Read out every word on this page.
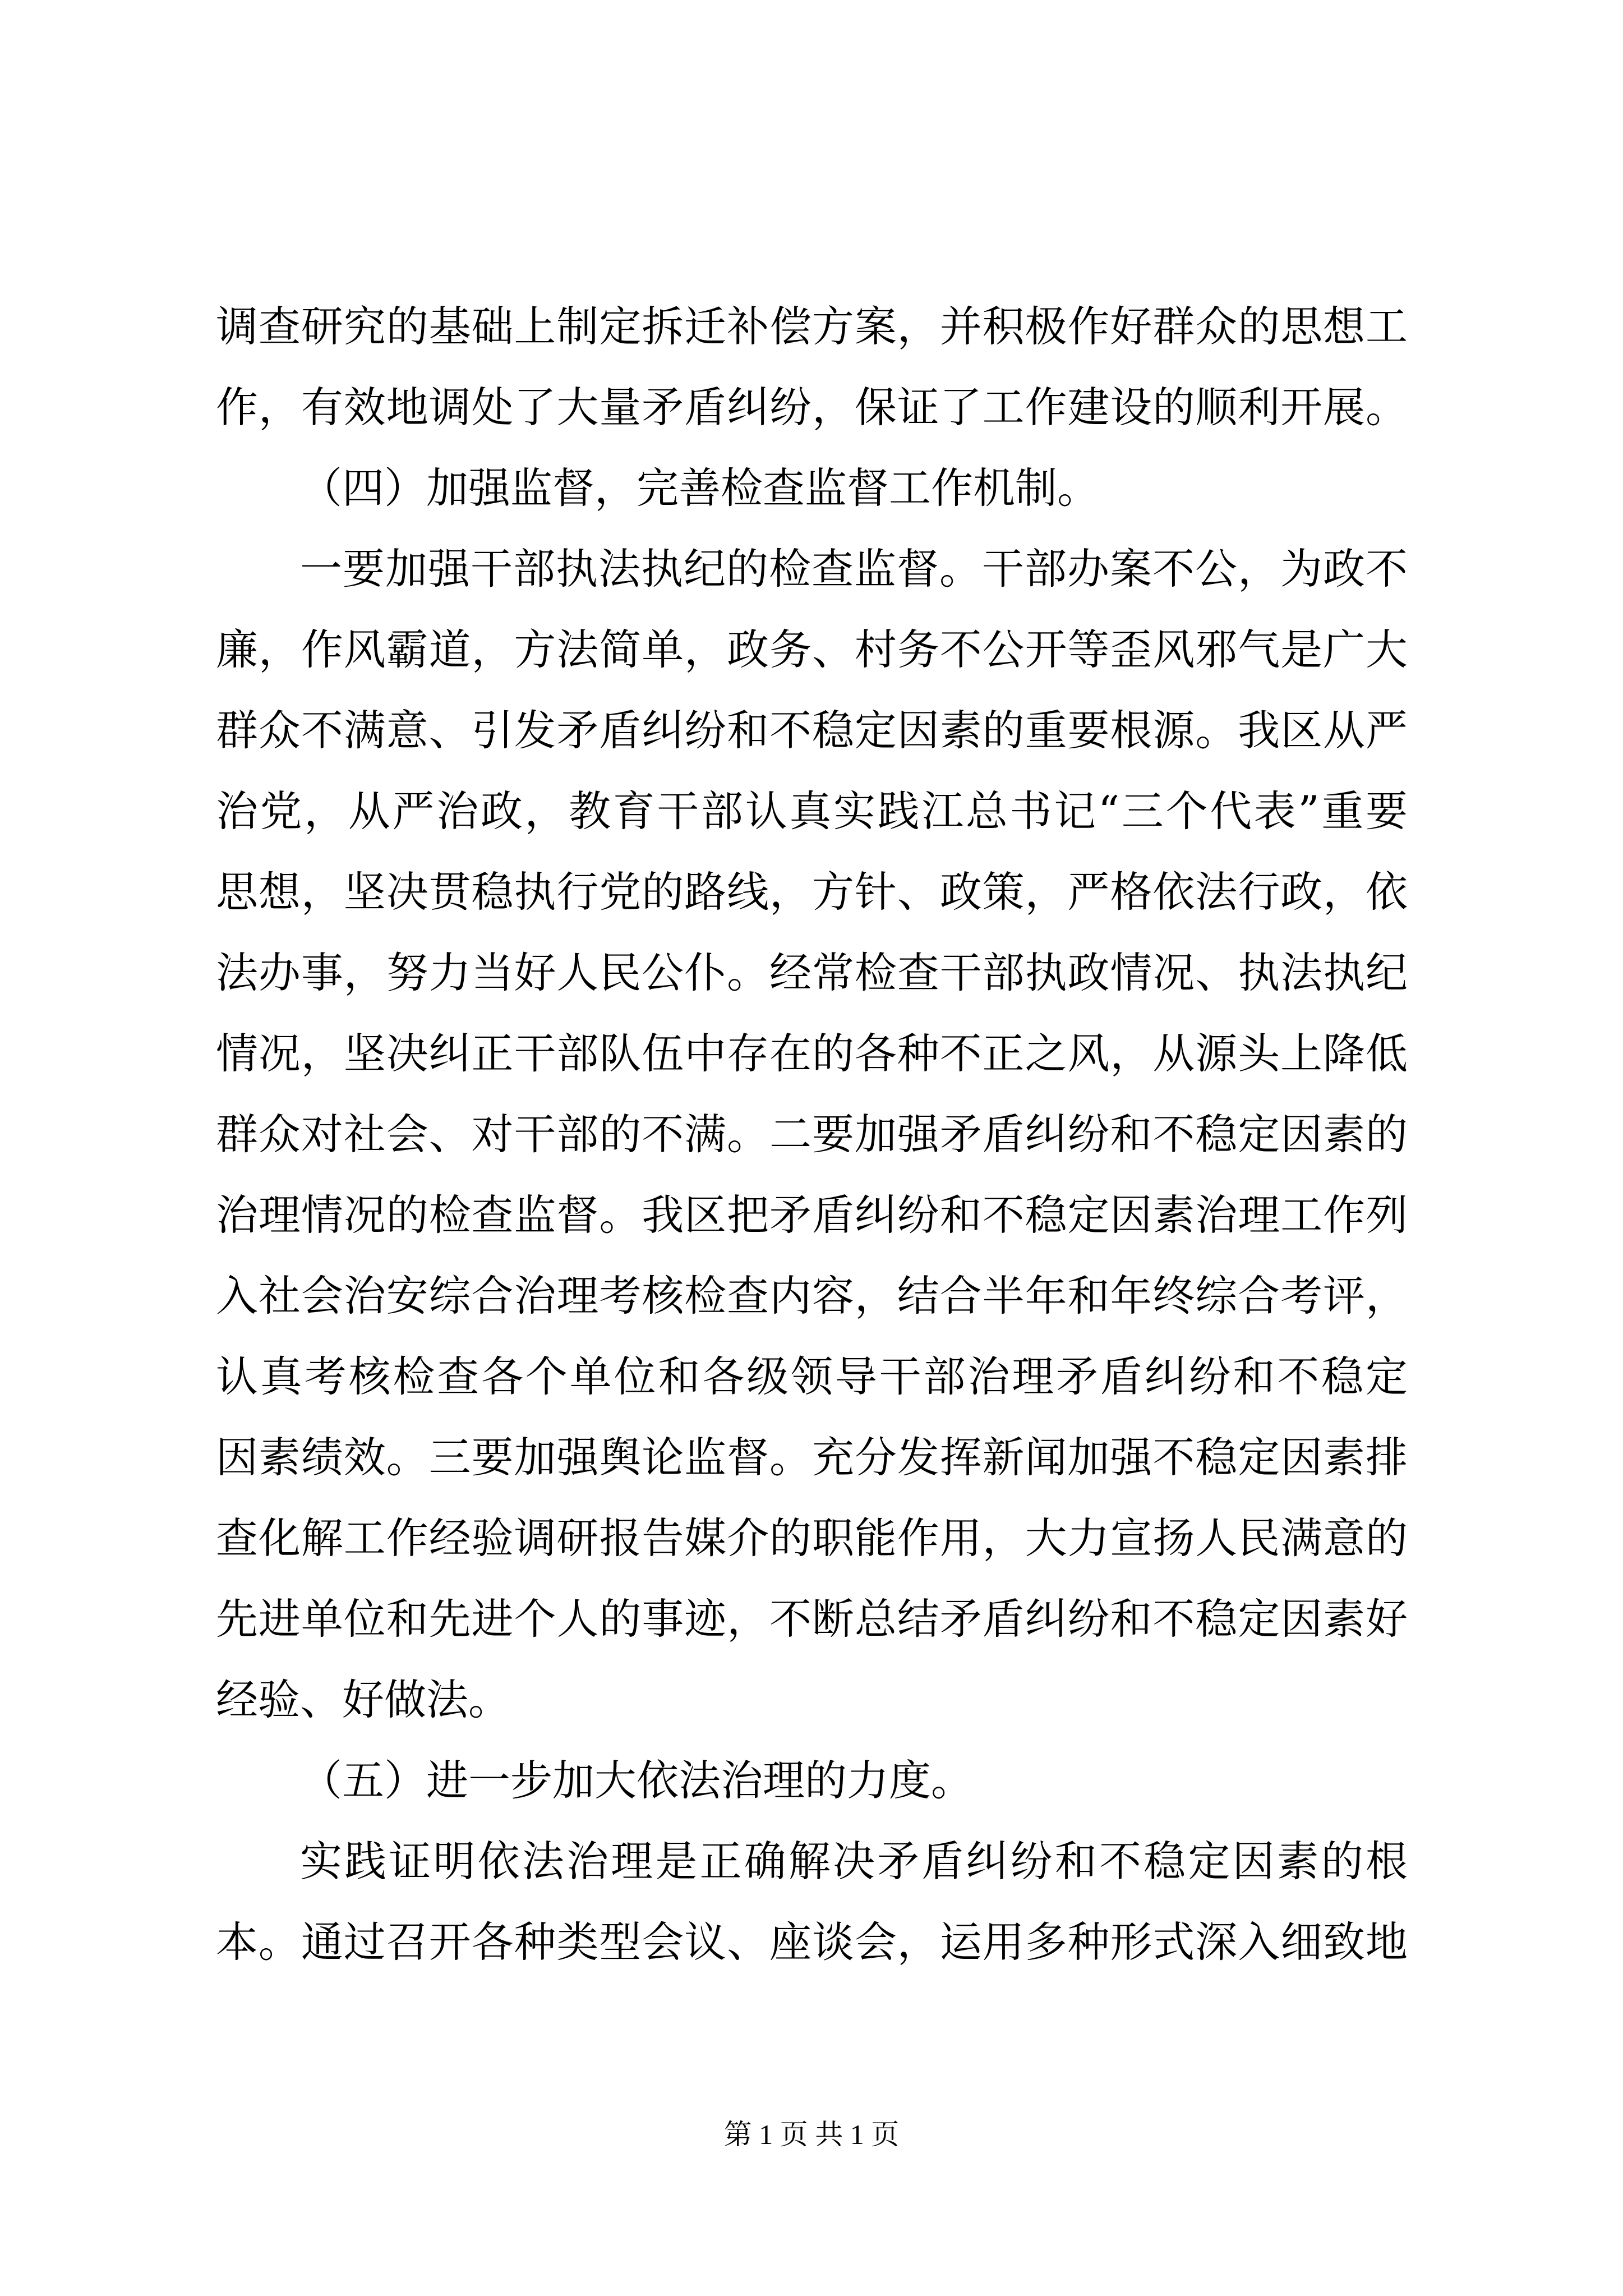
调查研究的基础上制定拆迁补偿方案，并积极作好群众的思想工
作，有效地调处了大量矛盾纠纷，保证了工作建设的顺利开展。
（四）加强监督，完善检查监督工作机制。
一要加强干部执法执纪的检查监督。干部办案不公，为政不
廉，作风霸道，方法简单，政务、村务不公开等歪风邪气是广大
群众不满意、引发矛盾纠纷和不稳定因素的重要根源。我区从严
治党，从严治政，教育干部认真实践江总书记“三个代表”重要
思想，坚决贯稳执行党的路线，方针、政策，严格依法行政，依
法办事，努力当好人民公仆。经常检查干部执政情况、执法执纪
情况，坚决纠正干部队伍中存在的各种不正之风，从源头上降低
群众对社会、对干部的不满。二要加强矛盾纠纷和不稳定因素的
治理情况的检查监督。我区把矛盾纠纷和不稳定因素治理工作列
入社会治安综合治理考核检查内容，结合半年和年终综合考评，
认真考核检查各个单位和各级领导干部治理矛盾纠纷和不稳定
因素绩效。三要加强舆论监督。充分发挥新闻加强不稳定因素排
查化解工作经验调研报告媒介的职能作用，大力宣扬人民满意的
先进单位和先进个人的事迹，不断总结矛盾纠纷和不稳定因素好
经验、好做法。
（五）进一步加大依法治理的力度。
实践证明依法治理是正确解决矛盾纠纷和不稳定因素的根
本。通过召开各种类型会议、座谈会，运用多种形式深入细致地
第 1 页 共 1 页
